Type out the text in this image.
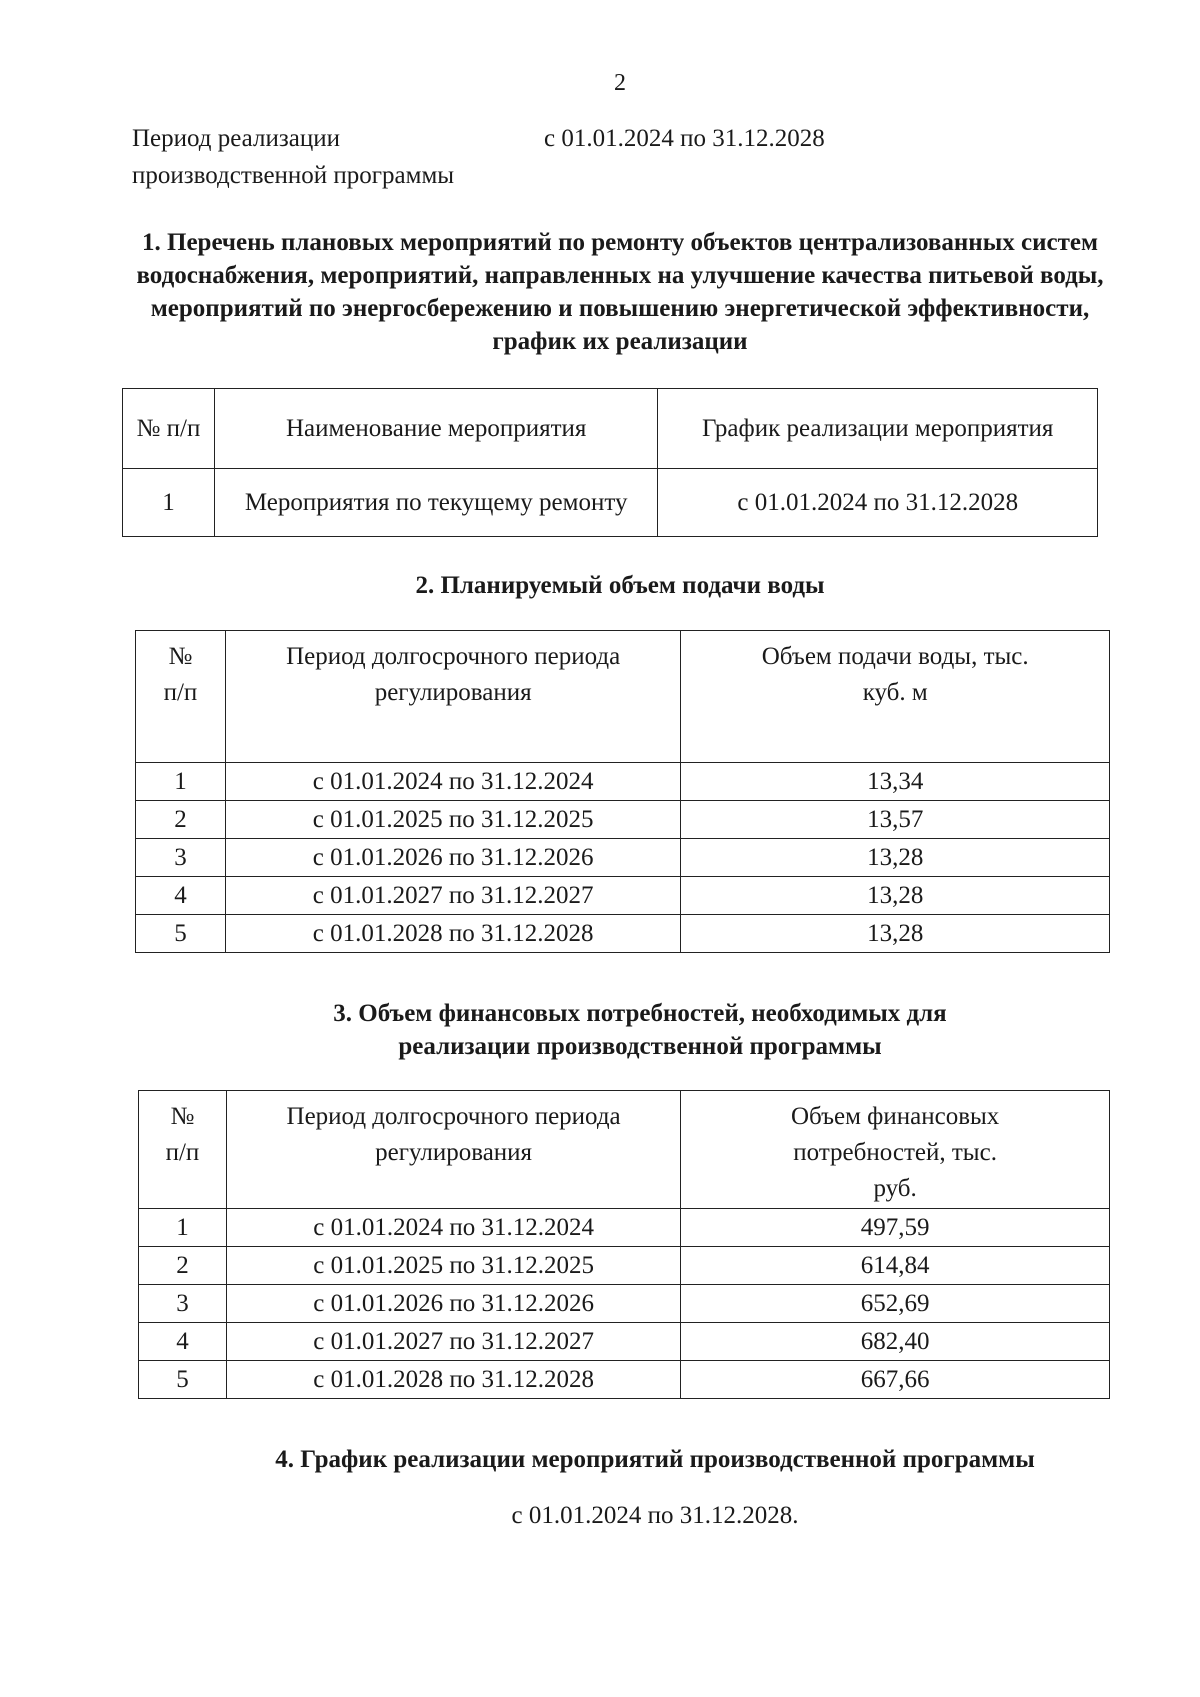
2
Период реализации производственной программы
с 01.01.2024 по 31.12.2028
1. Перечень плановых мероприятий по ремонту объектов централизованных систем водоснабжения, мероприятий, направленных на улучшение качества питьевой воды, мероприятий по энергосбережению и повышению энергетической эффективности, график их реализации
№ п/п	Наименование мероприятия	График реализации мероприятия
1	Мероприятия по текущему ремонту	с 01.01.2024 по 31.12.2028
2. Планируемый объем подачи воды
№ п/п	Период долгосрочного периода регулирования	Объем подачи воды, тыс. куб. м
1	с 01.01.2024 по 31.12.2024	13,34
2	с 01.01.2025 по 31.12.2025	13,57
3	с 01.01.2026 по 31.12.2026	13,28
4	с 01.01.2027 по 31.12.2027	13,28
5	с 01.01.2028 по 31.12.2028	13,28
3. Объем финансовых потребностей, необходимых для реализации производственной программы
№ п/п	Период долгосрочного периода регулирования	Объем финансовых потребностей, тыс. руб.
1	с 01.01.2024 по 31.12.2024	497,59
2	с 01.01.2025 по 31.12.2025	614,84
3	с 01.01.2026 по 31.12.2026	652,69
4	с 01.01.2027 по 31.12.2027	682,40
5	с 01.01.2028 по 31.12.2028	667,66
4. График реализации мероприятий производственной программы
с 01.01.2024 по 31.12.2028.
